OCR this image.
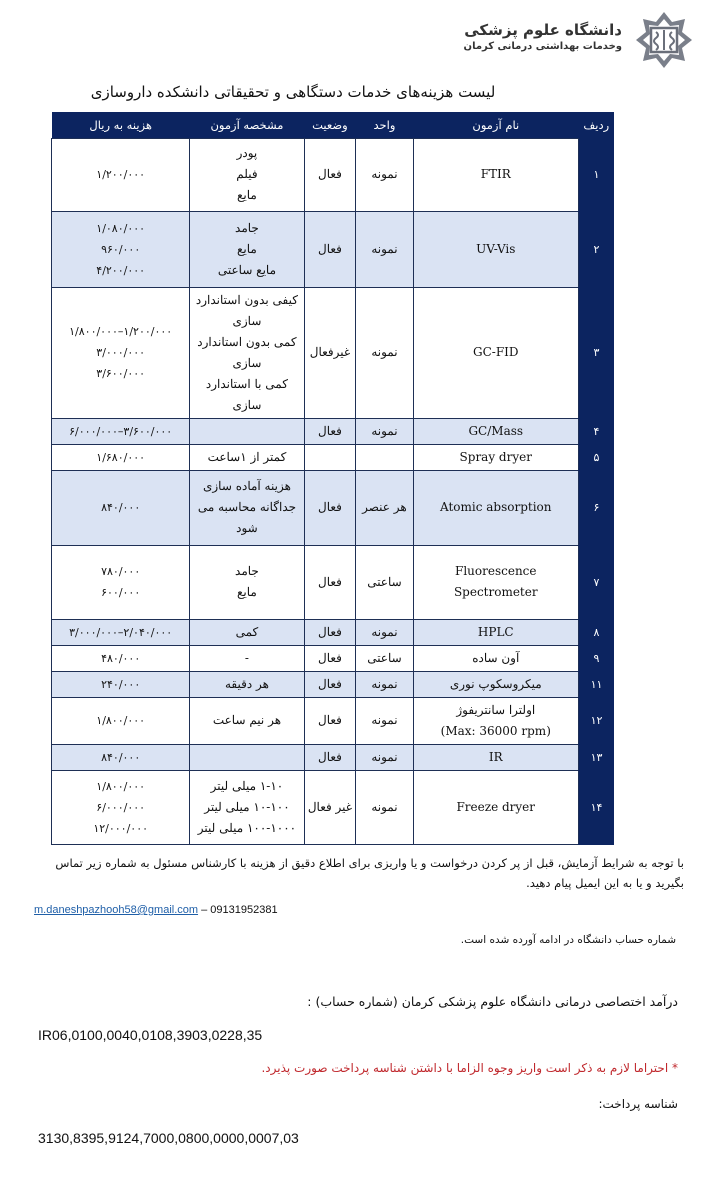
دانشگاه علوم پزشکی
وخدمات بهداشتی درمانی کرمان
لیست هزینه‌های خدمات دستگاهی و تحقیقاتی دانشکده داروسازی
ردیف	نام آزمون	واحد	وضعیت	مشخصه آزمون	هزینه به ریال
۱	FTIR	نمونه	فعال	پودر
فیلم
مایع	۱/۲۰۰/۰۰۰

۲	UV-Vis	نمونه	فعال	جامد
مایع
مایع ساعتی	۱/۰۸۰/۰۰۰
۹۶۰/۰۰۰
۴/۲۰۰/۰۰۰

۳	GC-FID	نمونه	غیرفعال	کیفی بدون استاندارد
سازی
کمی بدون استاندارد
سازی
کمی با استاندارد سازی	۱/۲۰۰/۰۰۰–۱/۸۰۰/۰۰۰
۳/۰۰۰/۰۰۰
۳/۶۰۰/۰۰۰

۴	GC/Mass	نمونه	فعال		۳/۶۰۰/۰۰۰–۶/۰۰۰/۰۰۰

۵	Spray dryer			کمتر از ۱ساعت	۱/۶۸۰/۰۰۰

۶	Atomic absorption	هر عنصر	فعال	هزینه آماده سازی
جداگانه محاسبه می
شود	۸۴۰/۰۰۰

۷	Fluorescence Spectrometer	ساعتی	فعال	جامد
مایع	۷۸۰/۰۰۰
۶۰۰/۰۰۰

۸	HPLC	نمونه	فعال	کمی	۲/۰۴۰/۰۰۰–۳/۰۰۰/۰۰۰

۹	آون ساده	ساعتی	فعال	-	۴۸۰/۰۰۰

۱۱	میکروسکوپ نوری	نمونه	فعال	هر دقیقه	۲۴۰/۰۰۰

۱۲	اولترا سانتریفوژ
(Max: 36000 rpm)	نمونه	فعال	هر نیم ساعت	۱/۸۰۰/۰۰۰

۱۳	IR	نمونه	فعال		۸۴۰/۰۰۰

۱۴	Freeze dryer	نمونه	غیر فعال	۱-۱۰ میلی لیتر
۱۰-۱۰۰ میلی لیتر
۱۰۰-۱۰۰۰ میلی لیتر	۱/۸۰۰/۰۰۰
۶/۰۰۰/۰۰۰
۱۲/۰۰۰/۰۰۰
با توجه به شرایط آزمایش، قبل از پر کردن درخواست و یا واریزی برای اطلاع دقیق از هزینه با کارشناس مسئول به شماره زیر تماس بگیرید و یا به این ایمیل پیام دهید.
m.daneshpazhooh58@gmail.com – 09131952381
شماره حساب دانشگاه در ادامه آورده شده است.
درآمد اختصاصی درمانی دانشگاه علوم پزشکی کرمان (شماره حساب) :
IR06,0100,0040,0108,3903,0228,35
* احتراما لازم به ذکر است واریز وجوه الزاما با داشتن شناسه پرداخت صورت پذیرد.
شناسه پرداخت:
3130,8395,9124,7000,0800,0000,0007,03
